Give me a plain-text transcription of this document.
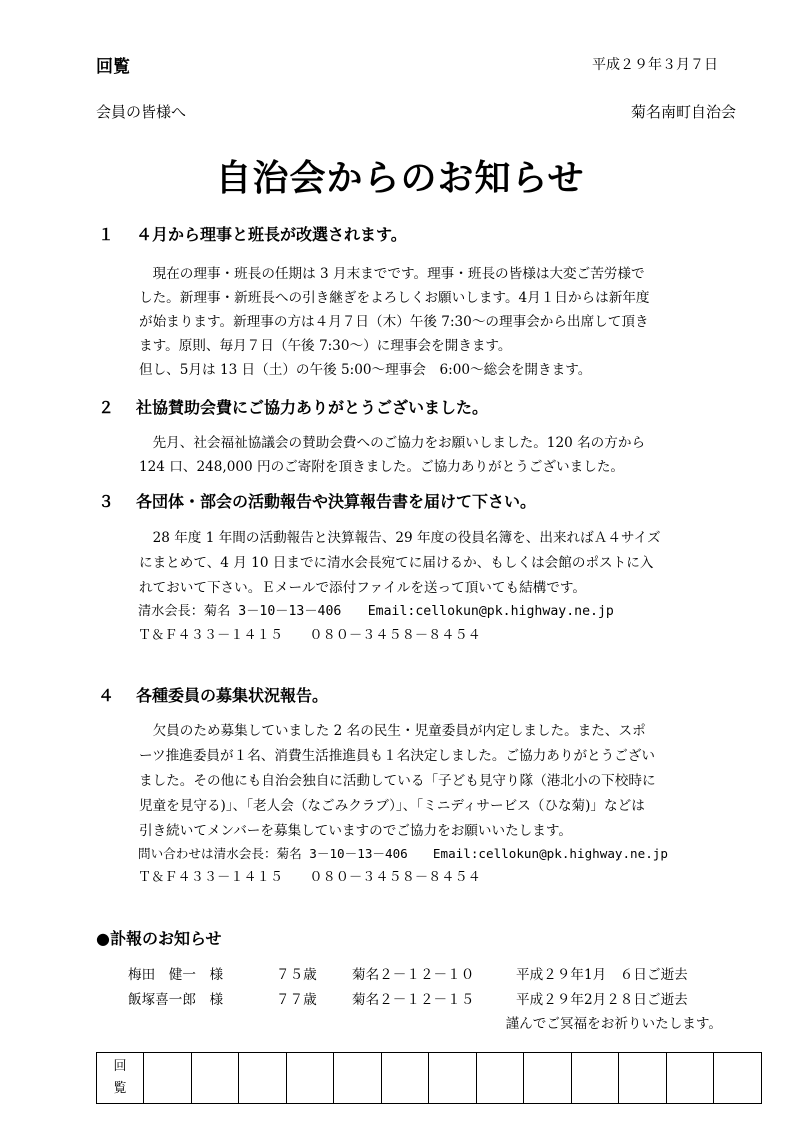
回覧	平成２９年３月７日
会員の皆様へ	菊名南町自治会
自治会からのお知らせ
１ ４月から理事と班長が改選されます。
　現在の理事・班長の任期は 3 月末までです。理事・班長の皆様は大変ご苦労様で
した。新理事・新班長への引き継ぎをよろしくお願いします。4月１日からは新年度
が始まります。新理事の方は４月７日（木）午後 7:30～の理事会から出席して頂き
ます。原則、毎月７日（午後 7:30～）に理事会を開きます。
但し、5月は 13 日（土）の午後 5:00～理事会　6:00～総会を開きます。
２ 社協賛助会費にご協力ありがとうございました。
　先月、社会福祉協議会の賛助会費へのご協力をお願いしました。120 名の方から
124 口、248,000 円のご寄附を頂きました。ご協力ありがとうございました。
３ 各団体・部会の活動報告や決算報告書を届けて下さい。
　28 年度 1 年間の活動報告と決算報告、29 年度の役員名簿を、出来ればＡ４サイズ
にまとめて、4 月 10 日までに清水会長宛てに届けるか、もしくは会館のポストに入
れておいて下さい。Ｅメールで添付ファイルを送って頂いても結構です。
清水会長：菊名 3－10－13－406　　Email:cellokun@pk.highway.ne.jp
Ｔ＆Ｆ４３３－１４１５　　０８０－３４５８－８４５４
４ 各種委員の募集状況報告。
　欠員のため募集していました 2 名の民生・児童委員が内定しました。また、スポ
ーツ推進委員が１名、消費生活推進員も１名決定しました。ご協力ありがとうござい
ました。その他にも自治会独自に活動している「子ども見守り隊（港北小の下校時に
児童を見守る)」、「老人会（なごみクラブ）」、「ミニディサービス（ひな菊)」などは
引き続いてメンバーを募集していますのでご協力をお願いいたします。
問い合わせは清水会長：菊名 3－10－13－406　　Email:cellokun@pk.highway.ne.jp
Ｔ＆Ｆ４３３－１４１５　　０８０－３４５８－８４５４
●訃報のお知らせ
梅田　健一　様	７５歳	菊名２－１２－１０	平成２９年1月　６日ご逝去
飯塚喜一郎　様	７７歳	菊名２－１２－１５	平成２９年2月２８日ご逝去
謹んでご冥福をお祈りいたします。
回覧													
